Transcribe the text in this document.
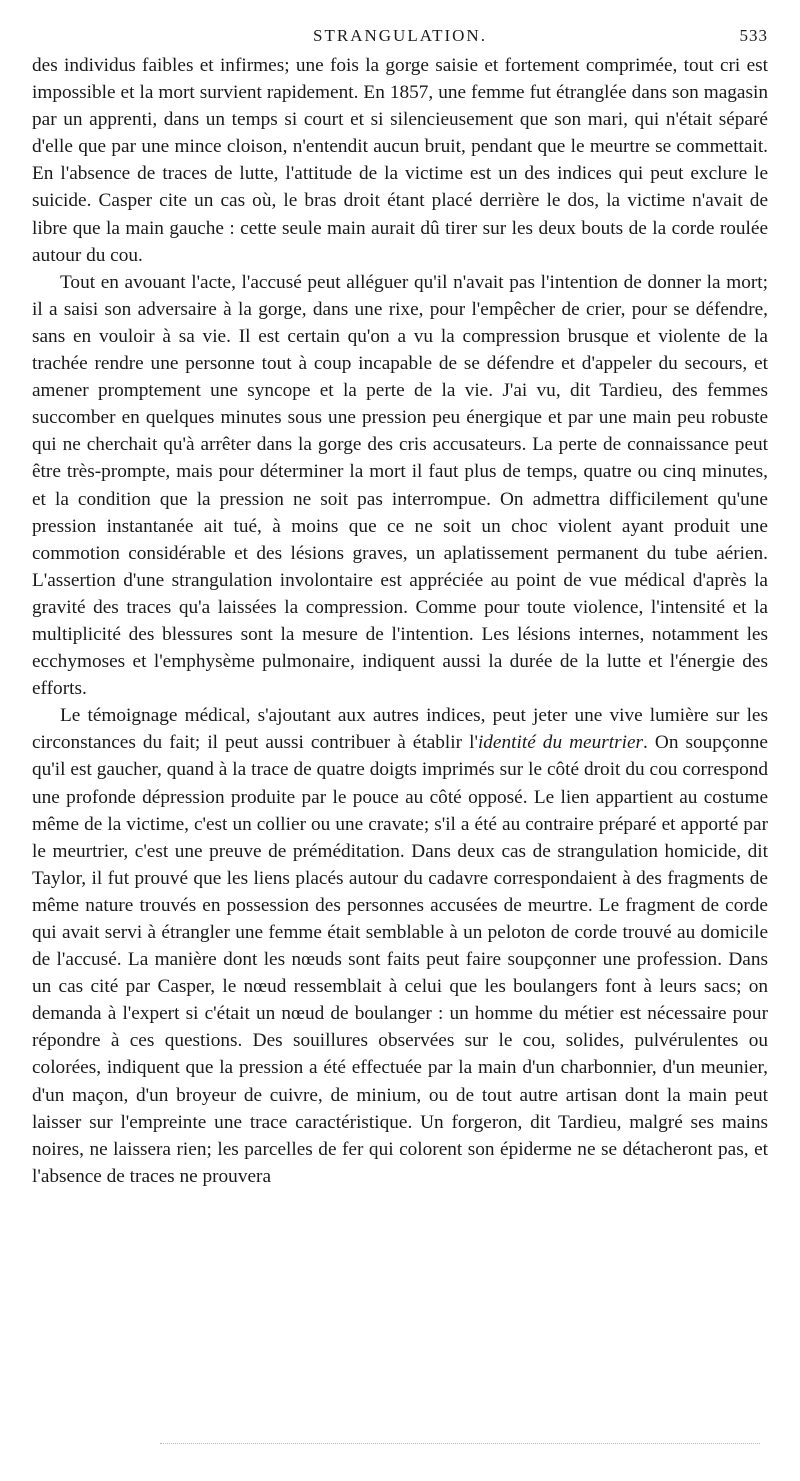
STRANGULATION.	533

des individus faibles et infirmes; une fois la gorge saisie et fortement comprimée, tout cri est impossible et la mort survient rapidement. En 1857, une femme fut étranglée dans son magasin par un apprenti, dans un temps si court et si silencieusement que son mari, qui n'était séparé d'elle que par une mince cloison, n'entendit aucun bruit, pendant que le meurtre se commettait. En l'absence de traces de lutte, l'attitude de la victime est un des indices qui peut exclure le suicide. Casper cite un cas où, le bras droit étant placé derrière le dos, la victime n'avait de libre que la main gauche : cette seule main aurait dû tirer sur les deux bouts de la corde roulée autour du cou.

Tout en avouant l'acte, l'accusé peut alléguer qu'il n'avait pas l'intention de donner la mort; il a saisi son adversaire à la gorge, dans une rixe, pour l'empêcher de crier, pour se défendre, sans en vouloir à sa vie. Il est certain qu'on a vu la compression brusque et violente de la trachée rendre une personne tout à coup incapable de se défendre et d'appeler du secours, et amener promptement une syncope et la perte de la vie. J'ai vu, dit Tardieu, des femmes succomber en quelques minutes sous une pression peu énergique et par une main peu robuste qui ne cherchait qu'à arrêter dans la gorge des cris accusateurs. La perte de connaissance peut être très-prompte, mais pour déterminer la mort il faut plus de temps, quatre ou cinq minutes, et la condition que la pression ne soit pas interrompue. On admettra difficilement qu'une pression instantanée ait tué, à moins que ce ne soit un choc violent ayant produit une commotion considérable et des lésions graves, un aplatissement permanent du tube aérien. L'assertion d'une strangulation involontaire est appréciée au point de vue médical d'après la gravité des traces qu'a laissées la compression. Comme pour toute violence, l'intensité et la multiplicité des blessures sont la mesure de l'intention. Les lésions internes, notamment les ecchymoses et l'emphysème pulmonaire, indiquent aussi la durée de la lutte et l'énergie des efforts.

Le témoignage médical, s'ajoutant aux autres indices, peut jeter une vive lumière sur les circonstances du fait; il peut aussi contribuer à établir l'identité du meurtrier. On soupçonne qu'il est gaucher, quand à la trace de quatre doigts imprimés sur le côté droit du cou correspond une profonde dépression produite par le pouce au côté opposé. Le lien appartient au costume même de la victime, c'est un collier ou une cravate; s'il a été au contraire préparé et apporté par le meurtrier, c'est une preuve de préméditation. Dans deux cas de strangulation homicide, dit Taylor, il fut prouvé que les liens placés autour du cadavre correspondaient à des fragments de même nature trouvés en possession des personnes accusées de meurtre. Le fragment de corde qui avait servi à étrangler une femme était semblable à un peloton de corde trouvé au domicile de l'accusé. La manière dont les nœuds sont faits peut faire soupçonner une profession. Dans un cas cité par Casper, le nœud ressemblait à celui que les boulangers font à leurs sacs; on demanda à l'expert si c'était un nœud de boulanger : un homme du métier est nécessaire pour répondre à ces questions. Des souillures observées sur le cou, solides, pulvérulentes ou colorées, indiquent que la pression a été effectuée par la main d'un charbonnier, d'un meunier, d'un maçon, d'un broyeur de cuivre, de minium, ou de tout autre artisan dont la main peut laisser sur l'empreinte une trace caractéristique. Un forgeron, dit Tardieu, malgré ses mains noires, ne laissera rien; les parcelles de fer qui colorent son épiderme ne se détacheront pas, et l'absence de traces ne prouvera
